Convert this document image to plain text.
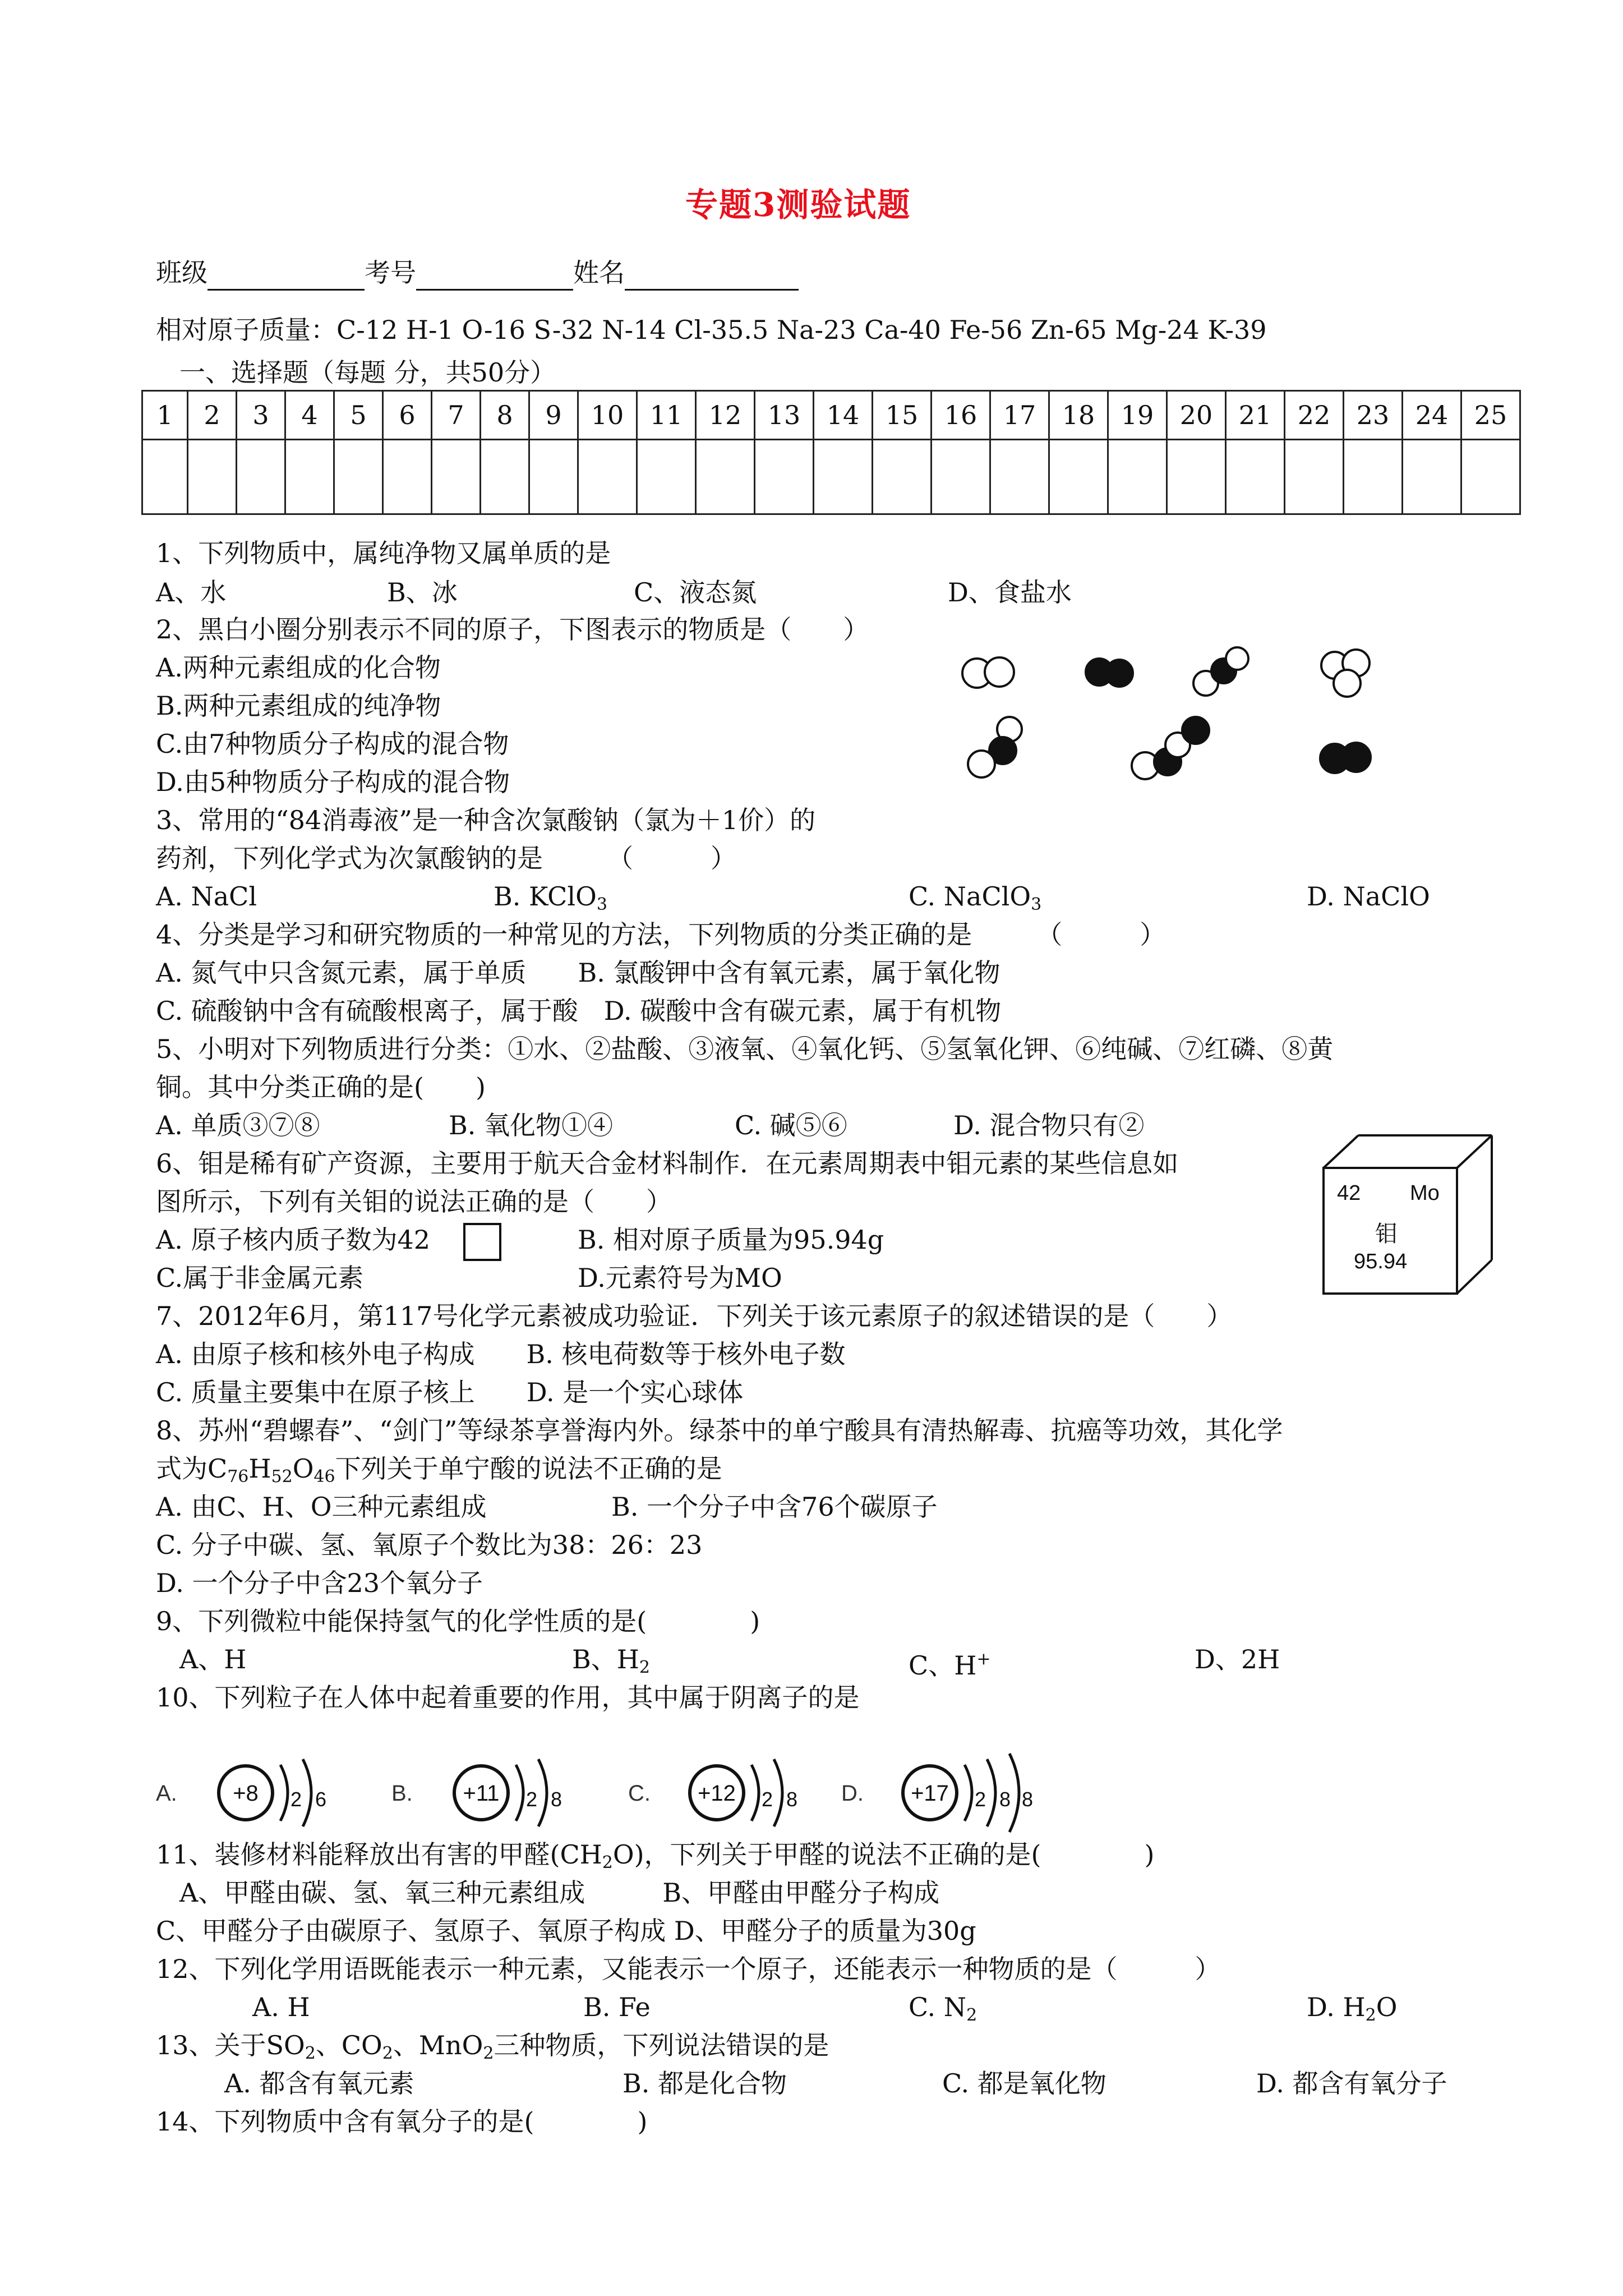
专题3测验试题
班级	考号	姓名
相对原子质量：C-12 H-1 O-16 S-32 N-14 Cl-35.5 Na-23 Ca-40 Fe-56 Zn-65 Mg-24 K-39
一、选择题（每题 分，共50分）
1	2	3	4	5	6	7	8	9	10	11	12	13	14	15	16	17	18	19	20	21	22	23	24	25

1、下列物质中，属纯净物又属单质的是
A、水	B、冰	C、液态氮	D、食盐水
2、黑白小圈分别表示不同的原子，下图表示的物质是（　　）
A.两种元素组成的化合物
B.两种元素组成的纯净物
C.由7种物质分子构成的混合物
D.由5种物质分子构成的混合物
3、常用的“84消毒液”是一种含次氯酸钠（氯为＋1价）的
药剂，下列化学式为次氯酸钠的是　　　（　　　）
A. NaCl	B. KClO$_3$	C. NaClO$_3$	D. NaClO
4、分类是学习和研究物质的一种常见的方法，下列物质的分类正确的是　　　（　　　）
A. 氮气中只含氮元素，属于单质　　B. 氯酸钾中含有氧元素，属于氧化物
C. 硫酸钠中含有硫酸根离子，属于酸　D. 碳酸中含有碳元素，属于有机物
5、小明对下列物质进行分类：①水、②盐酸、③液氧、④氧化钙、⑤氢氧化钾、⑥纯碱、⑦红磷、⑧黄
铜。其中分类正确的是(　　)
A. 单质③⑦⑧	B. 氧化物①④	C. 碱⑤⑥	D. 混合物只有②
6、钼是稀有矿产资源，主要用于航天合金材料制作．在元素周期表中钼元素的某些信息如
图所示，下列有关钼的说法正确的是（　　）
A. 原子核内质子数为42	B. 相对原子质量为95.94g
C.属于非金属元素	D.元素符号为MO
42 Mo
钼
95.94
7、2012年6月，第117号化学元素被成功验证．下列关于该元素原子的叙述错误的是（　　）
A. 由原子核和核外电子构成　　B. 核电荷数等于核外电子数
C. 质量主要集中在原子核上　　D. 是一个实心球体
8、苏州“碧螺春”、“剑门”等绿茶享誉海内外。绿茶中的单宁酸具有清热解毒、抗癌等功效，其化学
式为$C_{76}H_{52}O_{46}$下列关于单宁酸的说法不正确的是
A. 由C、H、O三种元素组成	B. 一个分子中含76个碳原子
C. 分子中碳、氢、氧原子个数比为38：26：23
D. 一个分子中含23个氧分子
9、下列微粒中能保持氢气的化学性质的是(　　　　)
A、H	B、$H_2$	C、H+	D、2H
10、下列粒子在人体中起着重要的作用，其中属于阴离子的是
A. +8 2 6	B. +11 2 8	C. +12 2 8 D. +17 2 8 8
11、装修材料能释放出有害的甲醛$(CH_2O)$，下列关于甲醛的说法不正确的是(　　　　)
A、甲醛由碳、氢、氧三种元素组成　　　B、甲醛由甲醛分子构成
C、甲醛分子由碳原子、氢原子、氧原子构成 D、甲醛分子的质量为30g
12、下列化学用语既能表示一种元素，又能表示一个原子，还能表示一种物质的是（　　　）
A. H	B. Fe	C. $N_2$	D. $H_2O$
13、关于$SO_2$、$CO_2$、MnO$_2$三种物质，下列说法错误的是
A. 都含有氧元素	B. 都是化合物	C. 都是氧化物	D. 都含有氧分子
14、下列物质中含有氧分子的是(　　　　)
